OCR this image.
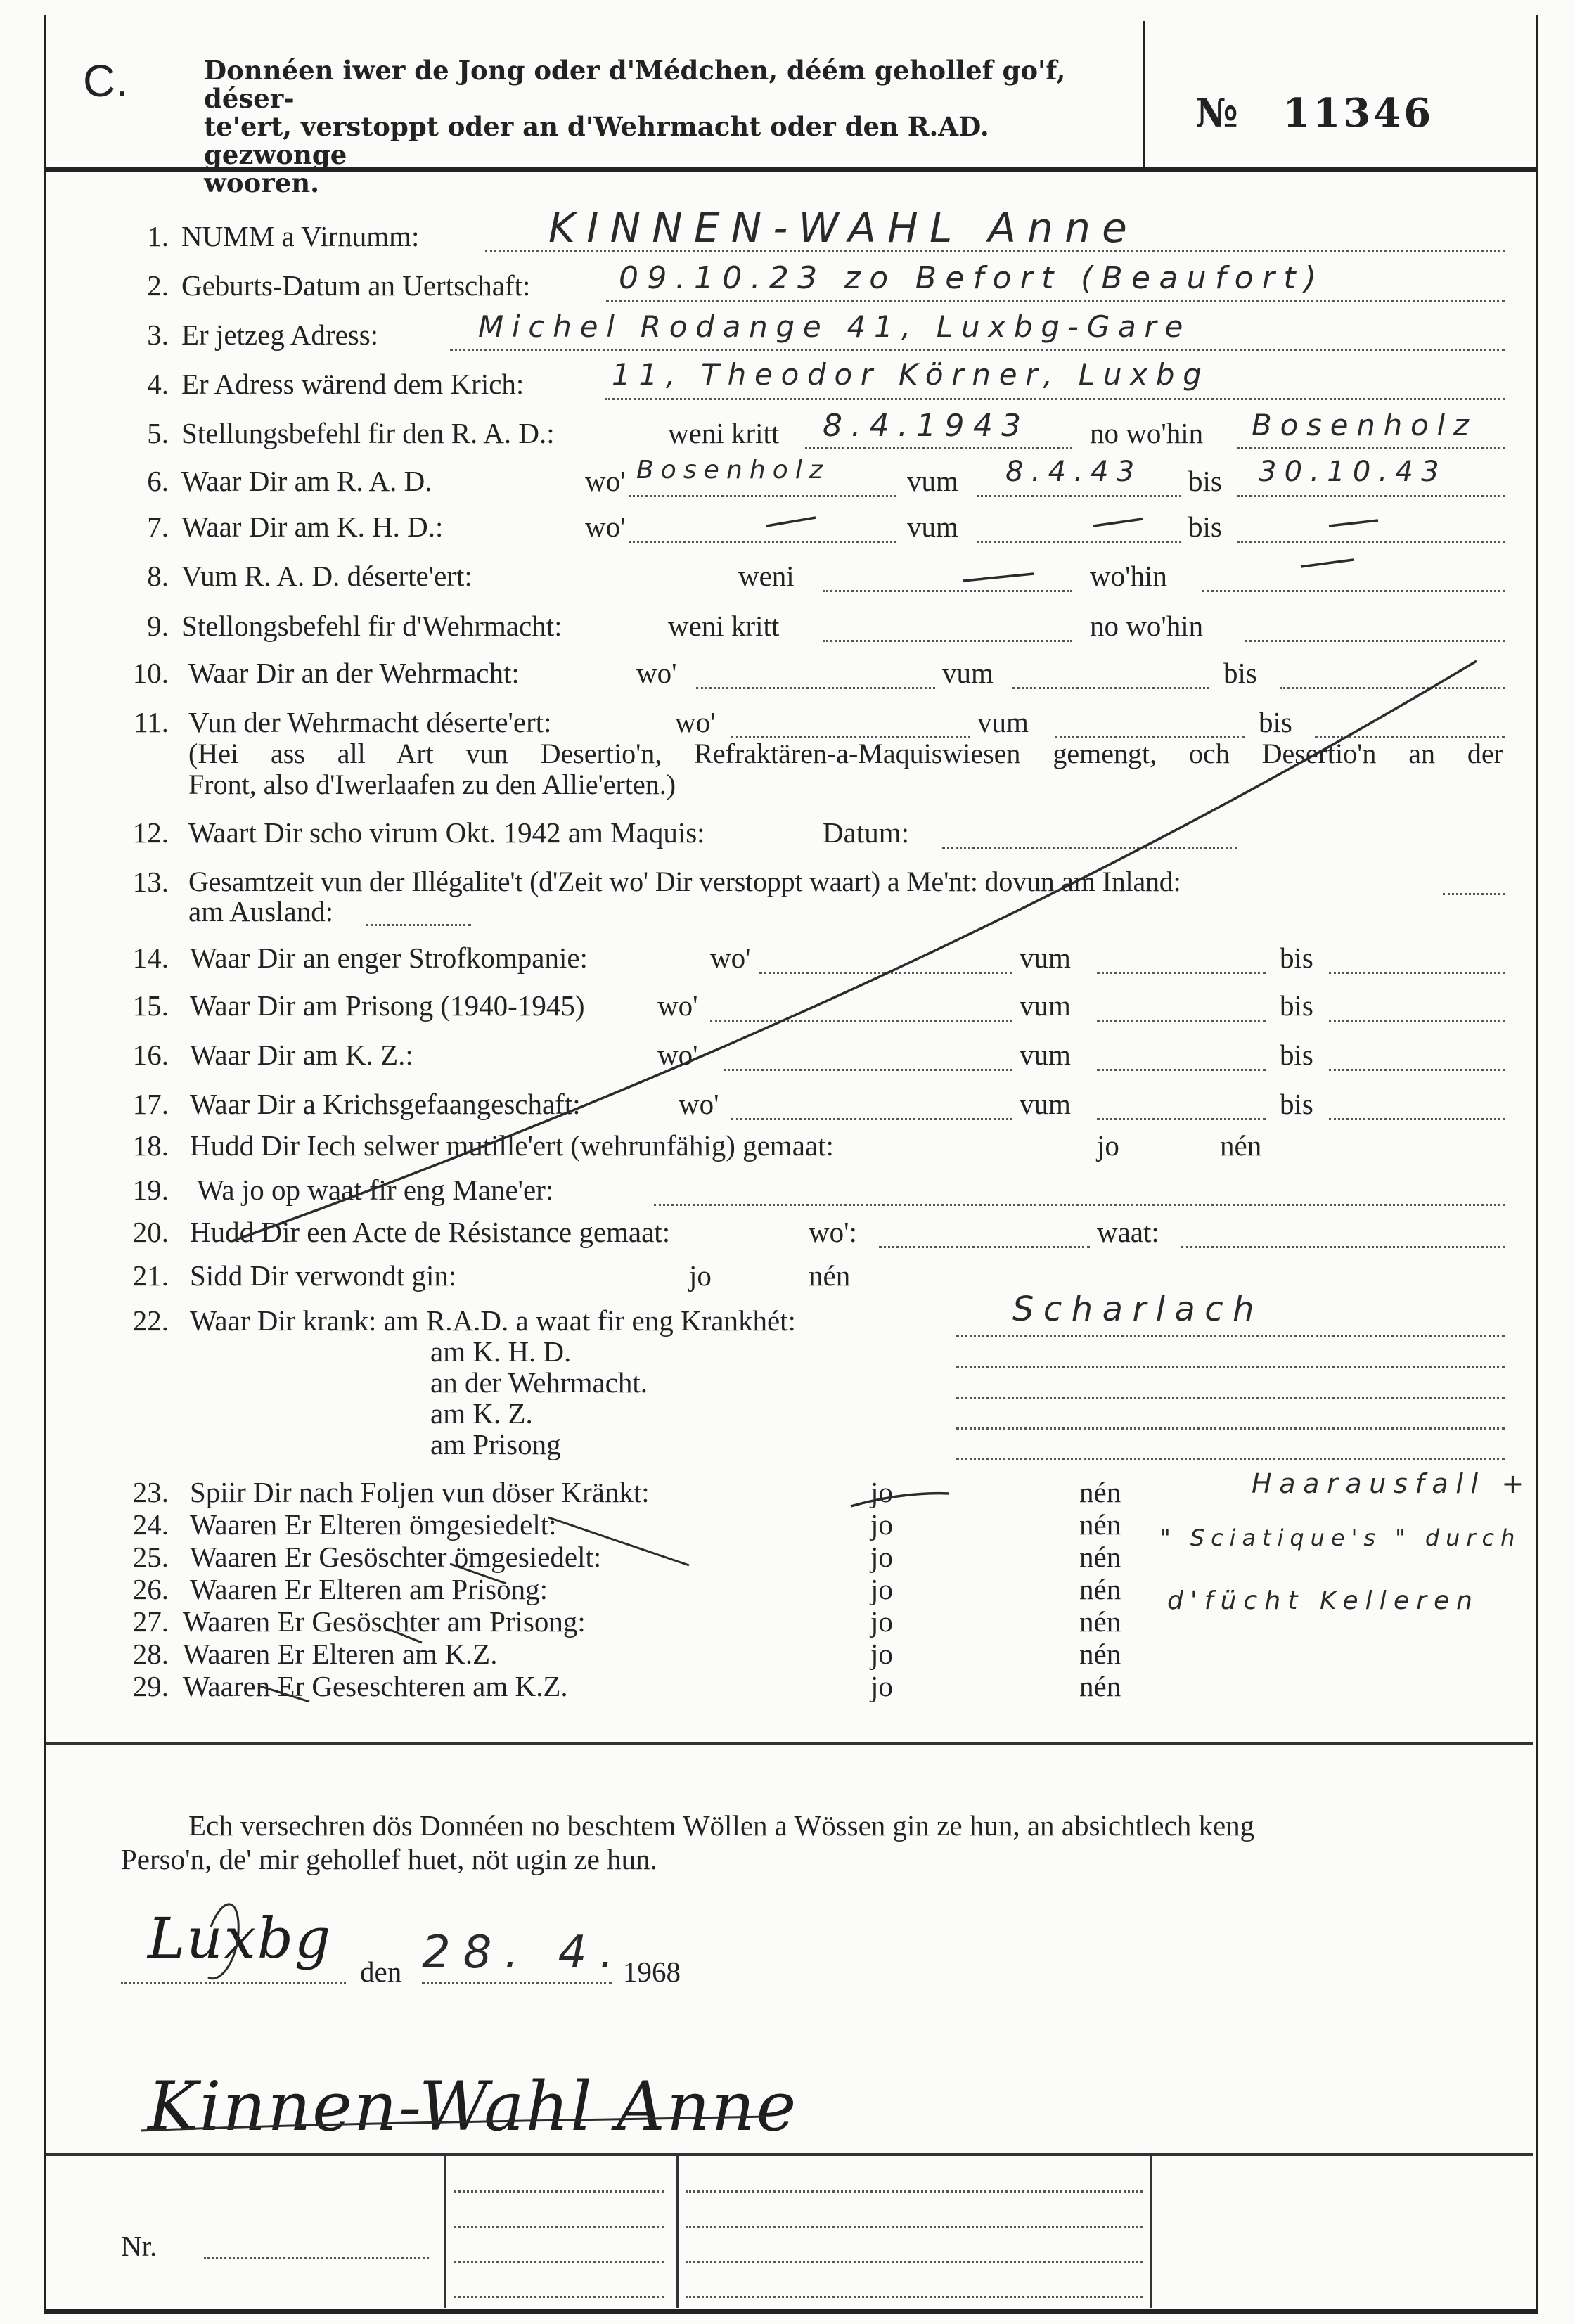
C.	Donnéen iwer de Jong oder d'Médchen, déém gehollef go'f, déser-
te'ert, verstoppt oder an d'Wehrmacht oder den R.AD. gezwonge
wooren.
№ 11346
1. NUMM a Virnumm:	KINNEN-WAHL Anne
2. Geburts-Datum an Uertschaft:	09.10.23 zo Befort (Beaufort)
3. Er jetzeg Adress:	Michel Rodange 41, Luxbg-Gare
4. Er Adress wärend dem Krich:	11, Theodor Körner, Luxbg
5. Stellungsbefehl fir den R. A. D.:	weni kritt 8.4.1943 no wo'hin Bosenholz
6. Waar Dir am R. A. D.	wo' Bosenholz	vum 8.4.43 bis 30.10.43
7. Waar Dir am K. H. D.:	wo'	vum	bis
8. Vum R. A. D. déserte'ert:	weni	wo'hin
9. Stellongsbefehl fir d'Wehrmacht:	weni kritt	no wo'hin
10. Waar Dir an der Wehrmacht:	wo'	vum	bis
11. Vun der Wehrmacht déserte'ert:	wo'	vum	bis
(Hei ass all Art vun Desertio'n, Refraktären-a-Maquiswiesen gemengt, och Desertio'n an der
Front, also d'Iwerlaafen zu den Allie'erten.)
12. Waart Dir scho virum Okt. 1942 am Maquis:	Datum:
13. Gesamtzeit vun der Illégalite't (d'Zeit wo' Dir verstoppt waart) a Me'nt: dovun am Inland:
am Ausland:
14. Waar Dir an enger Strofkompanie:	wo'	vum	bis
15. Waar Dir am Prisong (1940-1945)	wo'	vum	bis
16. Waar Dir am K. Z.:	wo'	vum	bis
17. Waar Dir a Krichsgefaangeschaft:	wo'	vum	bis
18. Hudd Dir Iech selwer mutille'ert (wehrunfähig) gemaat:	jo	nén
19. Wa jo op waat fir eng Mane'er:
20. Hudd Dir een Acte de Résistance gemaat:	wo':	waat:
21. Sidd Dir verwondt gin:	jo	nén
22. Waar Dir krank: am R.A.D. a waat fir eng Krankhét:	Scharlach
am K. H. D.
an der Wehrmacht.
am K. Z.
am Prisong
23. Spiir Dir nach Foljen vun döser Kränkt:	jo	nén
24. Waaren Er Elteren ömgesiedelt:	jo	nén
25. Waaren Er Gesöschter ömgesiedelt:	jo	nén
26. Waaren Er Elteren am Prisong:	jo	nén
27. Waaren Er Gesöschter am Prisong:	jo	nén
28. Waaren Er Elteren am K.Z.	jo	nén
29. Waaren Er Geseschteren am K.Z.	jo	nén
Haarausfall +
" Sciatique's " durch
d'fücht Kelleren
Ech versechren dös Donnéen no beschtem Wöllen a Wössen gin ze hun, an absichtlech keng
Perso'n, de' mir gehollef huet, nöt ugin ze hun.
Luxbg
den 28. 4.
1968
Kinnen-Wahl Anne
Nr.
